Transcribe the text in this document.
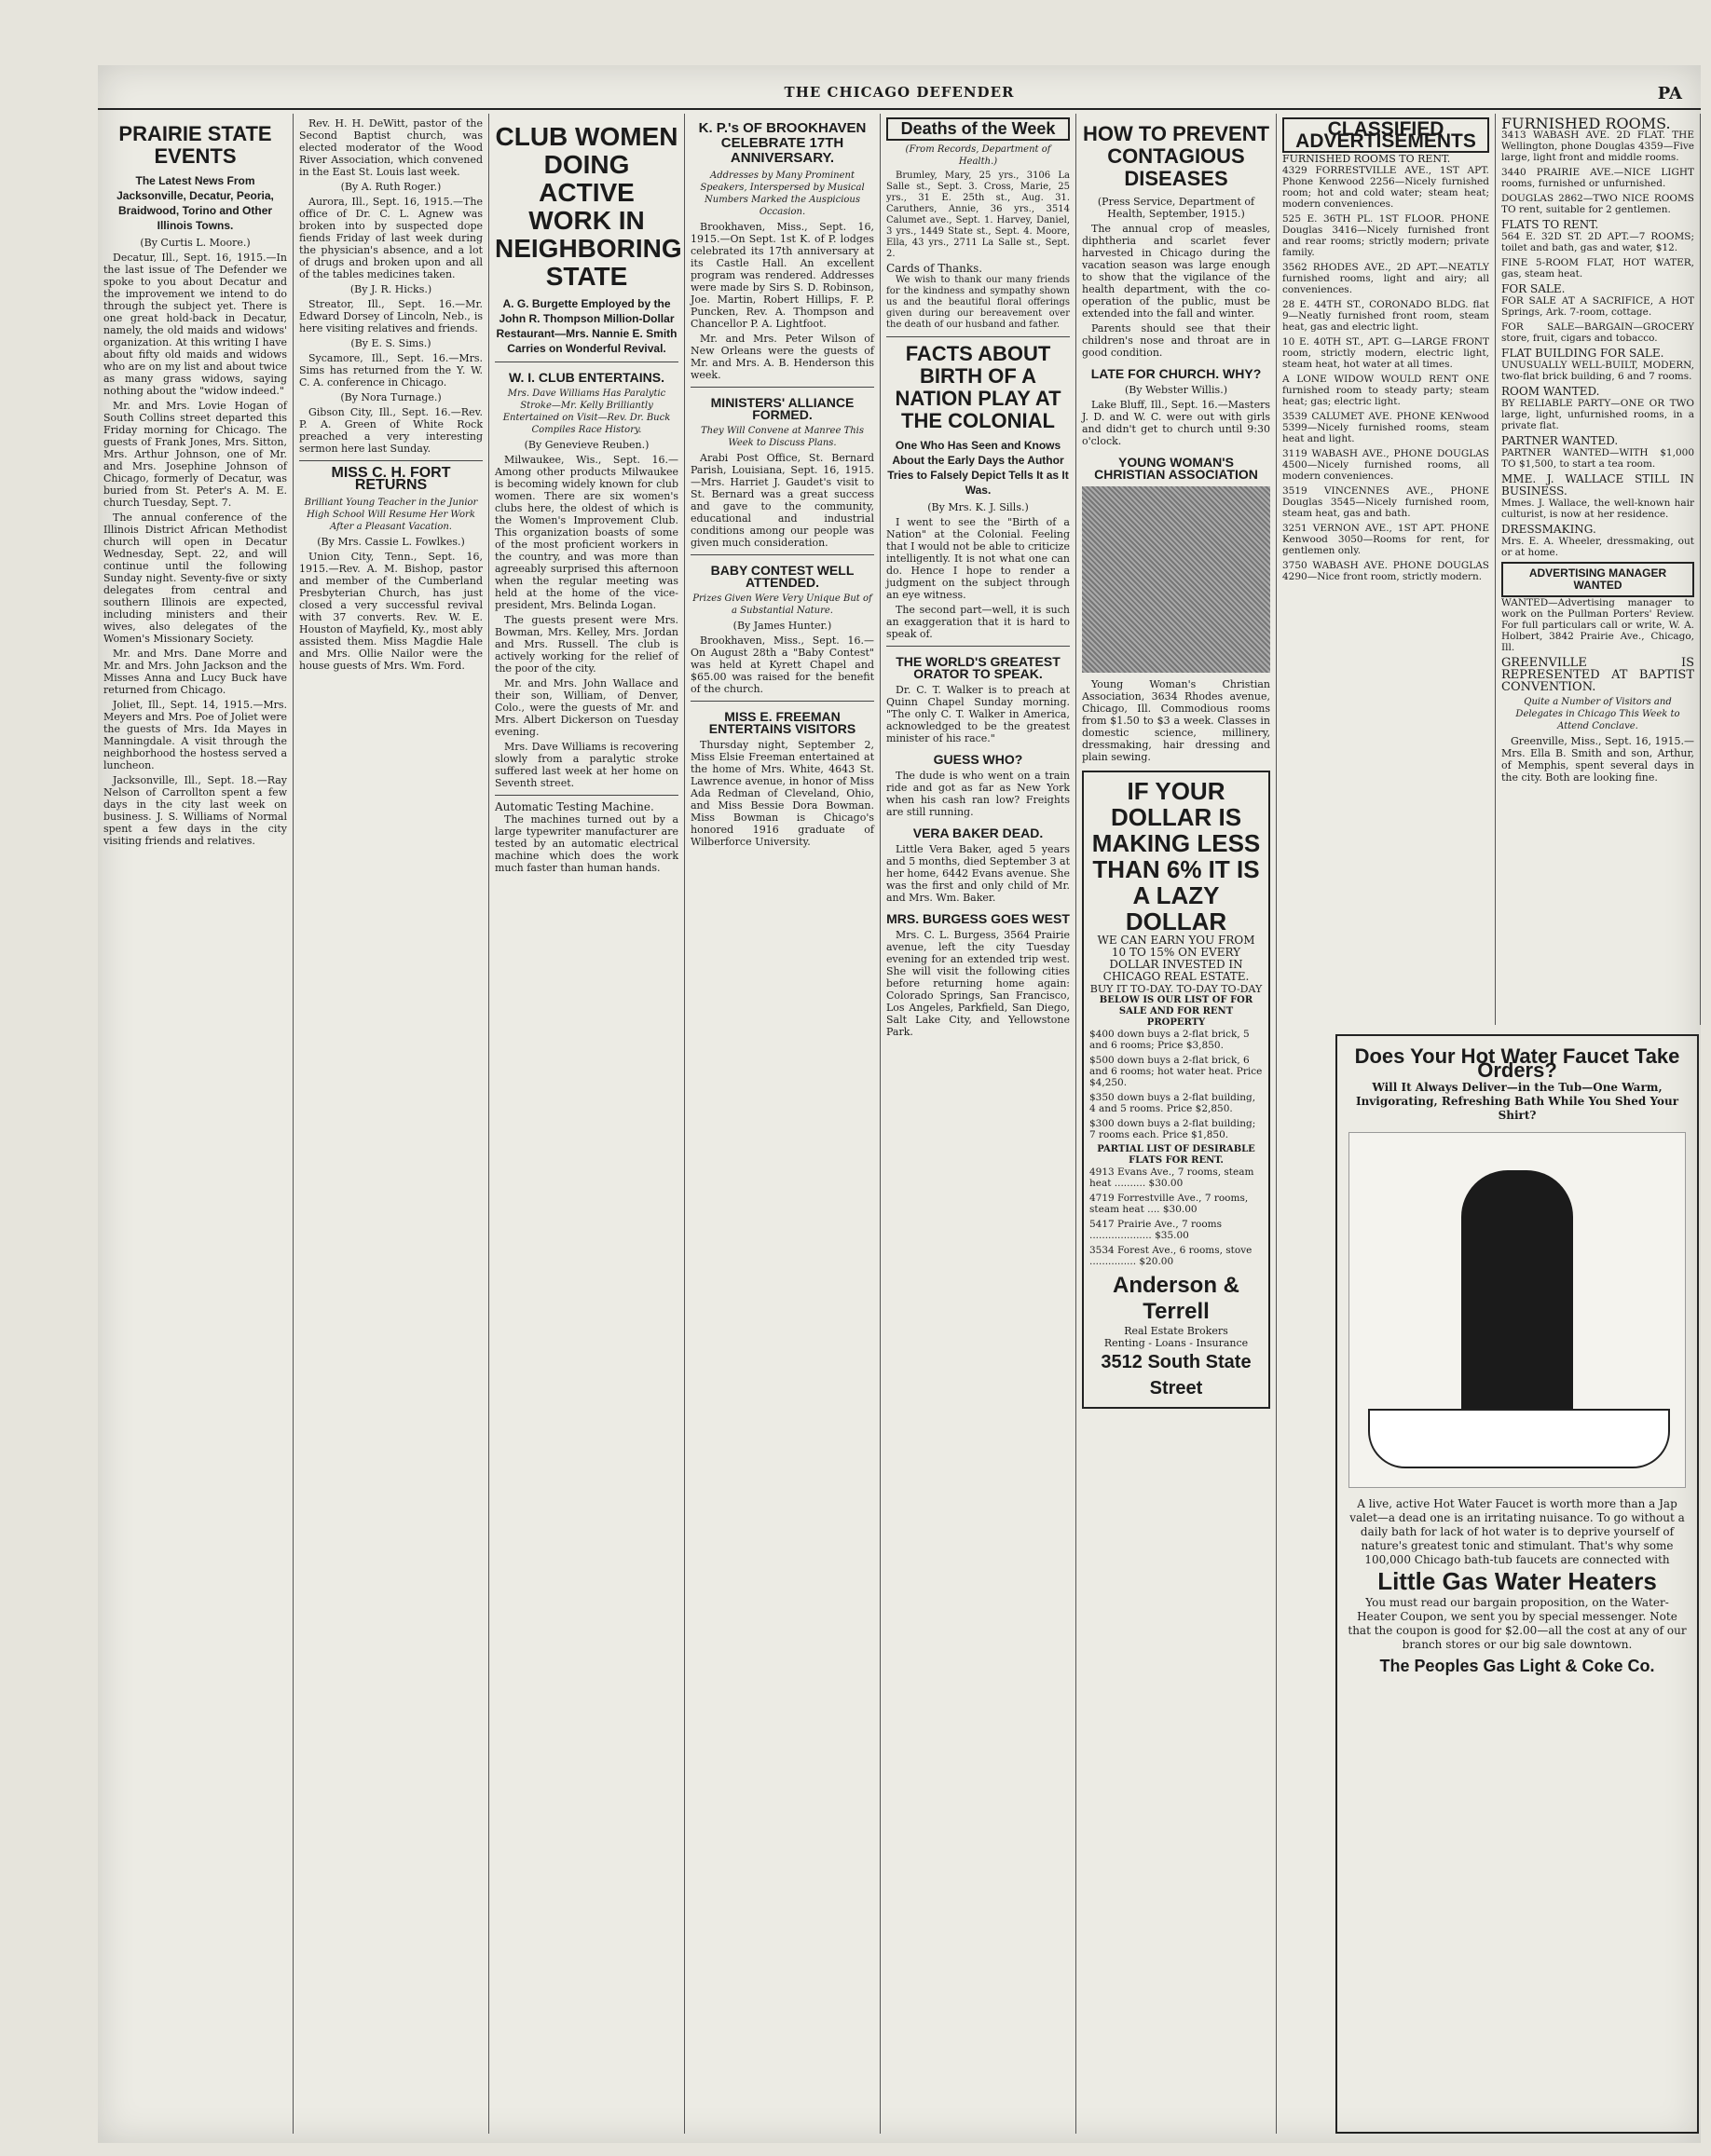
THE CHICAGO DEFENDER	PA
PRAIRIE STATE EVENTS
The Latest News From Jacksonville, Decatur, Peoria, Braidwood, Torino and Other Illinois Towns.
(By Curtis L. Moore.)

Decatur, Ill., Sept. 16, 1915.—In the last issue of The Defender we spoke to you about Decatur and the improvement we intend to do through the subject yet. There is one great hold-back in Decatur, namely, the old maids and widows' organization. At this writing I have about fifty old maids and widows who are on my list and about twice as many grass widows, saying nothing about the "widow indeed."

Mr. and Mrs. Lovie Hogan of South Collins street departed this Friday morning for Chicago. The guests of Frank Jones, Mrs. Sitton, Mrs. Arthur Johnson, one of Mr. and Mrs. Josephine Johnson of Chicago, formerly of Decatur, was buried from St. Peter's A. M. E. church Tuesday, Sept. 7.

The annual conference of the Illinois District African Methodist church will open in Decatur Wednesday, Sept. 22, and will continue until the following Sunday night. Seventy-five or sixty delegates from central and southern Illinois are expected, including ministers and their wives, also delegates of the Women's Missionary Society.

Mr. and Mrs. Dane Morre and Mr. and Mrs. John Jackson and the Misses Anna and Lucy Buck have returned from Chicago.

Joliet, Ill., Sept. 14, 1915.—Mrs. Meyers and Mrs. Poe of Joliet were the guests of Mrs. Ida Mayes in Manningdale. A visit through the neighborhood the hostess served a luncheon.

Jacksonville, Ill., Sept. 18.—Ray Nelson of Carrollton spent a few days in the city last week on business. J. S. Williams of Normal spent a few days in the city visiting friends and relatives.

Rev. H. H. DeWitt, pastor of the Second Baptist church, was elected moderator of the Wood River Association, which convened in the East St. Louis last week.

(By A. Ruth Roger.)

Aurora, Ill., Sept. 16, 1915.—The office of Dr. C. L. Agnew was broken into by suspected dope fiends Friday of last week during the physician's absence, and a lot of drugs and broken upon and all of the tables medicines taken.

(By J. R. Hicks.)

Streator, Ill., Sept. 16.—Mr. Edward Dorsey of Lincoln, Neb., is here visiting relatives and friends.

(By E. S. Sims.)

Sycamore, Ill., Sept. 16.—Mrs. Sims has returned from the Y. W. C. A. conference in Chicago.

(By Nora Turnage.)

Gibson City, Ill., Sept. 16.—Rev. P. A. Green of White Rock preached a very interesting sermon here last Sunday.

MISS C. H. FORT RETURNS
Brilliant Young Teacher in the Junior High School Will Resume Her Work After a Pleasant Vacation.
(By Mrs. Cassie L. Fowlkes.)

Union City, Tenn., Sept. 16, 1915.—Rev. A. M. Bishop, pastor and member of the Cumberland Presbyterian Church, has just closed a very successful revival with 37 converts. Rev. W. E. Houston of Mayfield, Ky., most ably assisted them. Miss Magdie Hale and Mrs. Ollie Nailor were the house guests of Mrs. Wm. Ford.

CLUB WOMEN DOING ACTIVE WORK IN NEIGHBORING STATE
A. G. Burgette Employed by the John R. Thompson Million-Dollar Restaurant—Mrs. Nannie E. Smith Carries on Wonderful Revival.
W. I. CLUB ENTERTAINS.
Mrs. Dave Williams Has Paralytic Stroke—Mr. Kelly Brilliantly Entertained on Visit—Rev. Dr. Buck Compiles Race History.
(By Genevieve Reuben.)

Milwaukee, Wis., Sept. 16.—Among other products Milwaukee is becoming widely known for club women. There are six women's clubs here, the oldest of which is the Women's Improvement Club. This organization boasts of some of the most proficient workers in the country, and was more than agreeably surprised this afternoon when the regular meeting was held at the home of the vice-president, Mrs. Belinda Logan.

The guests present were Mrs. Bowman, Mrs. Kelley, Mrs. Jordan and Mrs. Russell. The club is actively working for the relief of the poor of the city.

Mr. and Mrs. John Wallace and their son, William, of Denver, Colo., were the guests of Mr. and Mrs. Albert Dickerson on Tuesday evening.

Mrs. Dave Williams is recovering slowly from a paralytic stroke suffered last week at her home on Seventh street.

Automatic Testing Machine.

The machines turned out by a large typewriter manufacturer are tested by an automatic electrical machine which does the work much faster than human hands.

K. P.'s OF BROOKHAVEN CELEBRATE 17TH ANNIVERSARY.
Addresses by Many Prominent Speakers, Interspersed by Musical Numbers Marked the Auspicious Occasion.

Brookhaven, Miss., Sept. 16, 1915.—On Sept. 1st K. of P. lodges celebrated its 17th anniversary at its Castle Hall. An excellent program was rendered. Addresses were made by Sirs S. D. Robinson, Joe. Martin, Robert Hillips, F. P. Puncken, Rev. A. Thompson and Chancellor P. A. Lightfoot.

Mr. and Mrs. Peter Wilson of New Orleans were the guests of Mr. and Mrs. A. B. Henderson this week.

MINISTERS' ALLIANCE FORMED.
They Will Convene at Manree This Week to Discuss Plans.

Arabi Post Office, St. Bernard Parish, Louisiana, Sept. 16, 1915.—Mrs. Harriet J. Gaudet's visit to St. Bernard was a great success and gave to the community, educational and industrial conditions among our people was given much consideration.

BABY CONTEST WELL ATTENDED.
Prizes Given Were Very Unique But of a Substantial Nature.
(By James Hunter.)

Brookhaven, Miss., Sept. 16.—On August 28th a "Baby Contest" was held at Kyrett Chapel and $65.00 was raised for the benefit of the church.

MISS E. FREEMAN ENTERTAINS VISITORS

Thursday night, September 2, Miss Elsie Freeman entertained at the home of Mrs. White, 4643 St. Lawrence avenue, in honor of Miss Ada Redman of Cleveland, Ohio, and Miss Bessie Dora Bowman. Miss Bowman is Chicago's honored 1916 graduate of Wilberforce University.

Deaths of the Week
(From Records, Department of Health.)

Brumley, Mary, 25 yrs., 3106 La Salle st., Sept. 3. Cross, Marie, 25 yrs., 31 E. 25th st., Aug. 31. Caruthers, Annie, 36 yrs., 3514 Calumet ave., Sept. 1. Harvey, Daniel, 3 yrs., 1449 State st., Sept. 4. Moore, Ella, 43 yrs., 2711 La Salle st., Sept. 2.

Cards of Thanks.

We wish to thank our many friends for the kindness and sympathy shown us and the beautiful floral offerings given during our bereavement over the death of our husband and father.

FACTS ABOUT BIRTH OF A NATION PLAY AT THE COLONIAL
One Who Has Seen and Knows About the Early Days the Author Tries to Falsely Depict Tells It as It Was.
(By Mrs. K. J. Sills.)

I went to see the "Birth of a Nation" at the Colonial. Feeling that I would not be able to criticize intelligently. It is not what one can do. Hence I hope to render a judgment on the subject through an eye witness.

The second part—well, it is such an exaggeration that it is hard to speak of.

THE WORLD'S GREATEST ORATOR TO SPEAK.

Dr. C. T. Walker is to preach at Quinn Chapel Sunday morning. "The only C. T. Walker in America, acknowledged to be the greatest minister of his race."

GUESS WHO?

The dude is who went on a train ride and got as far as New York when his cash ran low? Freights are still running.

VERA BAKER DEAD.

Little Vera Baker, aged 5 years and 5 months, died September 3 at her home, 6442 Evans avenue. She was the first and only child of Mr. and Mrs. Wm. Baker.

MRS. BURGESS GOES WEST

Mrs. C. L. Burgess, 3564 Prairie avenue, left the city Tuesday evening for an extended trip west. She will visit the following cities before returning home again: Colorado Springs, San Francisco, Los Angeles, Parkfield, San Diego, Salt Lake City, and Yellowstone Park.

HOW TO PREVENT CONTAGIOUS DISEASES
(Press Service, Department of Health, September, 1915.)

The annual crop of measles, diphtheria and scarlet fever harvested in Chicago during the vacation season was large enough to show that the vigilance of the health department, with the co-operation of the public, must be extended into the fall and winter.

Parents should see that their children's nose and throat are in good condition.

LATE FOR CHURCH. WHY?
(By Webster Willis.)

Lake Bluff, Ill., Sept. 16.—Masters J. D. and W. C. were out with girls and didn't get to church until 9:30 o'clock.

YOUNG WOMAN'S CHRISTIAN ASSOCIATION

Young Woman's Christian Association, 3634 Rhodes avenue, Chicago, Ill. Commodious rooms from $1.50 to $3 a week. Classes in domestic science, millinery, dressmaking, hair dressing and plain sewing.

IF YOUR DOLLAR IS MAKING LESS THAN 6% IT IS A LAZY DOLLAR
WE CAN EARN YOU FROM 10 TO 15% ON EVERY DOLLAR INVESTED IN CHICAGO REAL ESTATE.
BUY IT TO-DAY. TO-DAY TO-DAY
BELOW IS OUR LIST OF FOR SALE AND FOR RENT PROPERTY
$400 down buys a 2-flat brick, 5 and 6 rooms; Price $3,850.
$500 down buys a 2-flat brick, 6 and 6 rooms; hot water heat. Price $4,250.
$350 down buys a 2-flat building, 4 and 5 rooms. Price $2,850.
$300 down buys a 2-flat building; 7 rooms each. Price $1,850.
PARTIAL LIST OF DESIRABLE FLATS FOR RENT.
4913 Evans Ave., 7 rooms, steam heat .......... $30.00
4719 Forrestville Ave., 7 rooms, steam heat .... $30.00
5417 Prairie Ave., 7 rooms .................... $35.00
3534 Forest Ave., 6 rooms, stove ............... $20.00
Anderson & Terrell
Real Estate Brokers
Renting - Loans - Insurance
3512 South State Street
CLASSIFIED ADVERTISEMENTS
FURNISHED ROOMS TO RENT.
4329 FORRESTVILLE AVE., 1ST APT. Phone Kenwood 2256—Nicely furnished room; hot and cold water; steam heat; modern conveniences.
525 E. 36TH PL. 1ST FLOOR. PHONE Douglas 3416—Nicely furnished front and rear rooms; strictly modern; private family.
3562 RHODES AVE., 2D APT.—NEATLY furnished rooms, light and airy; all conveniences.
28 E. 44TH ST., CORONADO BLDG. flat 9—Neatly furnished front room, steam heat, gas and electric light.
10 E. 40TH ST., APT. G—LARGE FRONT room, strictly modern, electric light, steam heat, hot water at all times.
A LONE WIDOW WOULD RENT ONE furnished room to steady party; steam heat; gas; electric light.
3539 CALUMET AVE. PHONE KENwood 5399—Nicely furnished rooms, steam heat and light.
3119 WABASH AVE., PHONE DOUGLAS 4500—Nicely furnished rooms, all modern conveniences.
3519 VINCENNES AVE., PHONE Douglas 3545—Nicely furnished room, steam heat, gas and bath.
3251 VERNON AVE., 1ST APT. PHONE Kenwood 3050—Rooms for rent, for gentlemen only.
3750 WABASH AVE. PHONE DOUGLAS 4290—Nice front room, strictly modern.
FURNISHED ROOMS.
3413 WABASH AVE. 2D FLAT. THE Wellington, phone Douglas 4359—Five large, light front and middle rooms.
3440 PRAIRIE AVE.—NICE LIGHT rooms, furnished or unfurnished.
DOUGLAS 2862—TWO NICE ROOMS TO rent, suitable for 2 gentlemen.
FLATS TO RENT.
564 E. 32D ST. 2D APT.—7 ROOMS; toilet and bath, gas and water, $12.
FINE 5-ROOM FLAT, HOT WATER, gas, steam heat.
FOR SALE.
FOR SALE AT A SACRIFICE, A HOT Springs, Ark. 7-room, cottage.
FOR SALE—BARGAIN—GROCERY store, fruit, cigars and tobacco.
FLAT BUILDING FOR SALE.
UNUSUALLY WELL-BUILT, MODERN, two-flat brick building, 6 and 7 rooms.
ROOM WANTED.
BY RELIABLE PARTY—ONE OR TWO large, light, unfurnished rooms, in a private flat.
PARTNER WANTED.
PARTNER WANTED—WITH $1,000 TO $1,500, to start a tea room.
MME. J. WALLACE STILL IN BUSINESS.
Mmes. J. Wallace, the well-known hair culturist, is now at her residence.
DRESSMAKING.
Mrs. E. A. Wheeler, dressmaking, out or at home.
ADVERTISING MANAGER WANTED
WANTED—Advertising manager to work on the Pullman Porters' Review. For full particulars call or write, W. A. Holbert, 3842 Prairie Ave., Chicago, Ill.
GREENVILLE IS REPRESENTED AT BAPTIST CONVENTION.
Quite a Number of Visitors and Delegates in Chicago This Week to Attend Conclave.

Greenville, Miss., Sept. 16, 1915.—Mrs. Ella B. Smith and son, Arthur, of Memphis, spent several days in the city. Both are looking fine.

Does Your Hot Water Faucet Take Orders?
Will It Always Deliver—in the Tub—One Warm, Invigorating, Refreshing Bath While You Shed Your Shirt?

A live, active Hot Water Faucet is worth more than a Jap valet—a dead one is an irritating nuisance. To go without a daily bath for lack of hot water is to deprive yourself of nature's greatest tonic and stimulant. That's why some 100,000 Chicago bath-tub faucets are connected with

Little Gas Water Heaters

You must read our bargain proposition, on the Water-Heater Coupon, we sent you by special messenger. Note that the coupon is good for $2.00—all the cost at any of our branch stores or our big sale downtown.

The Peoples Gas Light & Coke Co.
